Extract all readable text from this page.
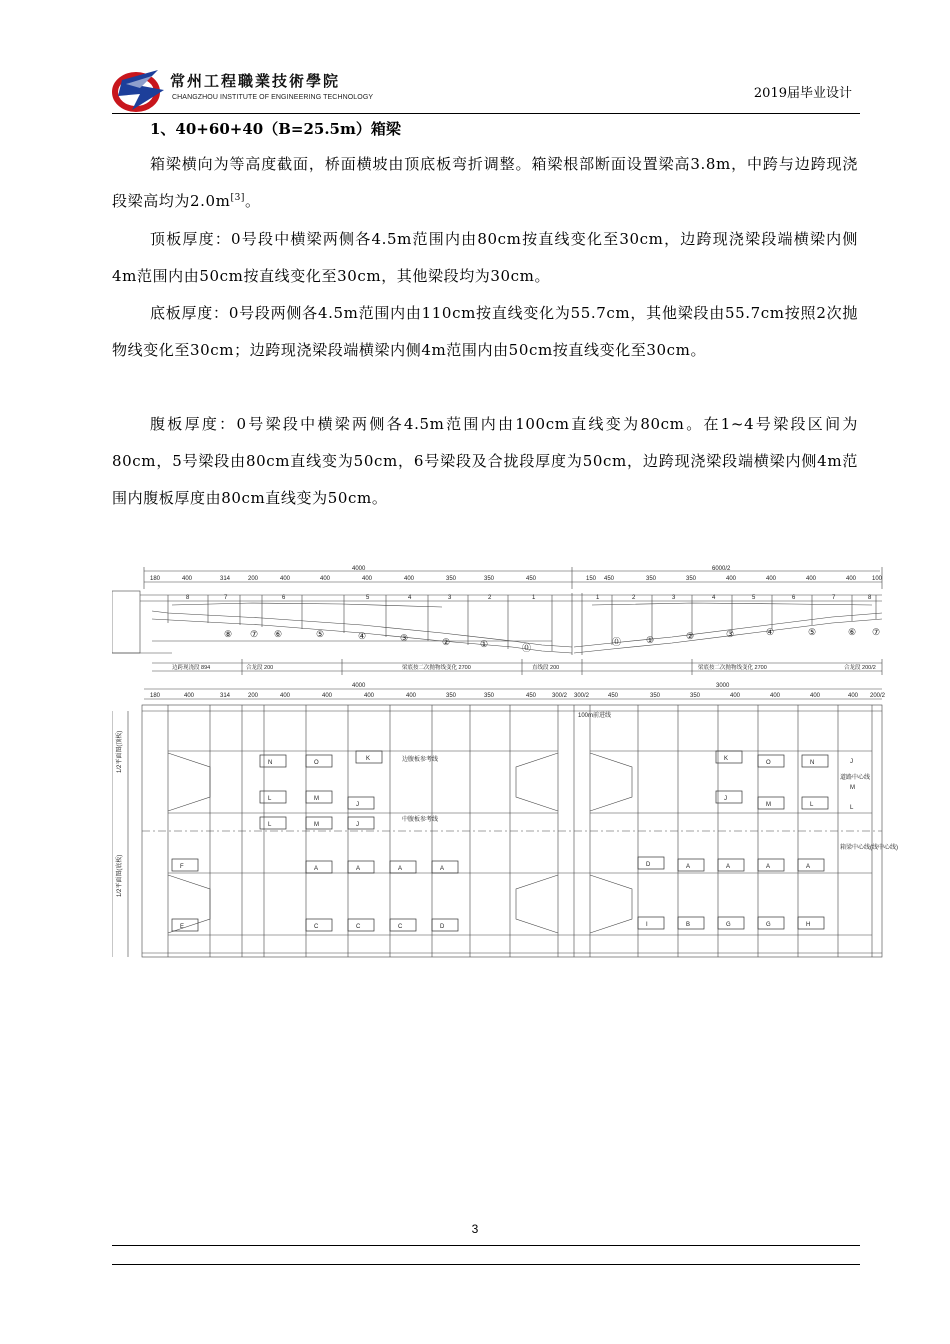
常州工程職業技術學院
CHANGZHOU INSTITUTE OF ENGINEERING TECHNOLOGY	2019届毕业设计
1、40+60+40（B=25.5m）箱梁
箱梁横向为等高度截面，桥面横坡由顶底板弯折调整。箱梁根部断面设置梁高3.8m，中跨与边跨现浇段梁高均为2.0m[3]。
顶板厚度：0号段中横梁两侧各4.5m范围内由80cm按直线变化至30cm，边跨现浇梁段端横梁内侧4m范围内由50cm按直线变化至30cm，其他梁段均为30cm。
底板厚度：0号段两侧各4.5m范围内由110cm按直线变化为55.7cm，其他梁段由55.7cm按照2次抛物线变化至30cm；边跨现浇梁段端横梁内侧4m范围内由50cm按直线变化至30cm。
腹板厚度：0号梁段中横梁两侧各4.5m范围内由100cm直线变为80cm。在1~4号梁段区间为80cm，5号梁段由80cm直线变为50cm，6号梁段及合拢段厚度为50cm，边跨现浇梁段端横梁内侧4m范围内腹板厚度由80cm直线变为50cm。
4000	6000/2
180	400	314	200	400	400	400	400	350	350	450	150 450	350	350	400	400	400	400	100
8	7	6	5	4	3	2	1	1	2	3	4	5	6	7	8
⑧ ⑦ ⑥	⑤	④	③	②	①	⓪
⓪	①	②	③	④	⑤	⑥ ⑦
边跨现浇段 894	合龙段 200	梁底按二次抛物线变化 2700	直线段 200	梁底按二次抛物线变化 2700	合龙段 200/2
4000	3000
180	400	314	200	400	400	400	400	350	350	450	300/2 300/2	450	350	350	400	400	400	400 200/2
1/2平面图(顶板)
1/2平面图(底板)
100m前进线
边腹板参考线
中腹板参考线
道路中心线
箱梁中心线(线中心线)
N	O
K
L	M
J
L	M	J
K
O	N
J
M	L
J
M
L
F
E
A	A	A	A
C	C	C	D
D	A	A	A	A
I	B	G	G	H
3
